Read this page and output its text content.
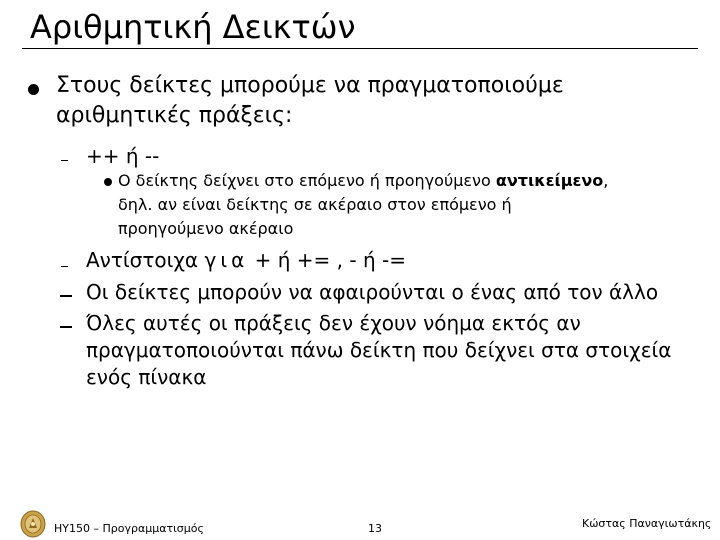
Αριθμητική Δεικτών
Στους δείκτες μπορούμε να πραγματοποιούμε
αριθμητικές πράξεις:
++ ή --
Ο δείκτης δείχνει στο επόμενο ή προηγούμενο αντικείμενο,
δηλ. αν είναι δείκτης σε ακέραιο στον επόμενο ή
προηγούμενο ακέραιο
Αντίστοιχα για + ή += , - ή -=
Οι δείκτες μπορούν να αφαιρούνται ο ένας από τον άλλο
Όλες αυτές οι πράξεις δεν έχουν νόημα εκτός αν
πραγματοποιούνται πάνω δείκτη που δείχνει στα στοιχεία
ενός πίνακα
ΗΥ150 – Προγραμματισμός	13	Κώστας Παναγιωτάκης
